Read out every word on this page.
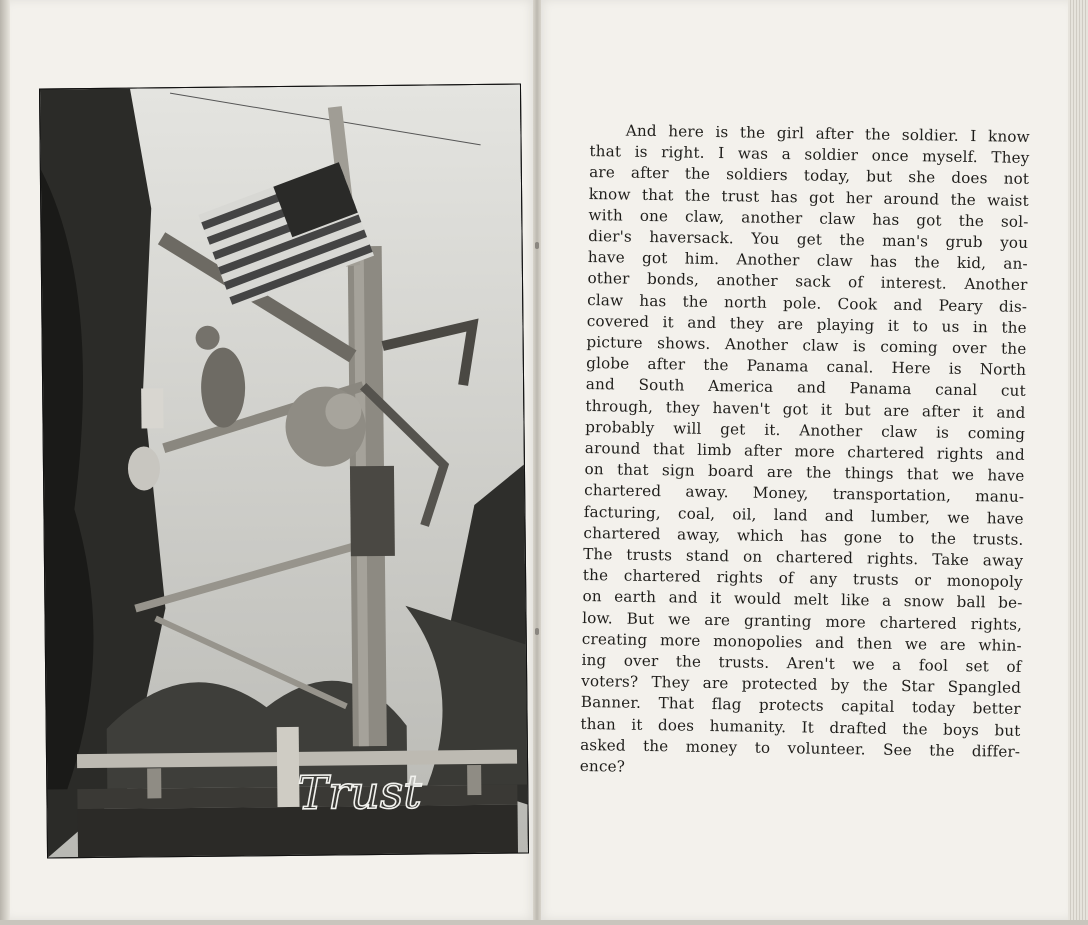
Trust
And here is the girl after the soldier. I know
that is right. I was a soldier once myself. They
are after the soldiers today, but she does not
know that the trust has got her around the waist
with one claw, another claw has got the sol-
dier's haversack. You get the man's grub you
have got him. Another claw has the kid, an-
other bonds, another sack of interest. Another
claw has the north pole. Cook and Peary dis-
covered it and they are playing it to us in the
picture shows. Another claw is coming over the
globe after the Panama canal. Here is North
and South America and Panama canal cut
through, they haven't got it but are after it and
probably will get it. Another claw is coming
around that limb after more chartered rights and
on that sign board are the things that we have
chartered away. Money, transportation, manu-
facturing, coal, oil, land and lumber, we have
chartered away, which has gone to the trusts.
The trusts stand on chartered rights. Take away
the chartered rights of any trusts or monopoly
on earth and it would melt like a snow ball be-
low. But we are granting more chartered rights,
creating more monopolies and then we are whin-
ing over the trusts. Aren't we a fool set of
voters? They are protected by the Star Spangled
Banner. That flag protects capital today better
than it does humanity. It drafted the boys but
asked the money to volunteer. See the differ-
ence?
